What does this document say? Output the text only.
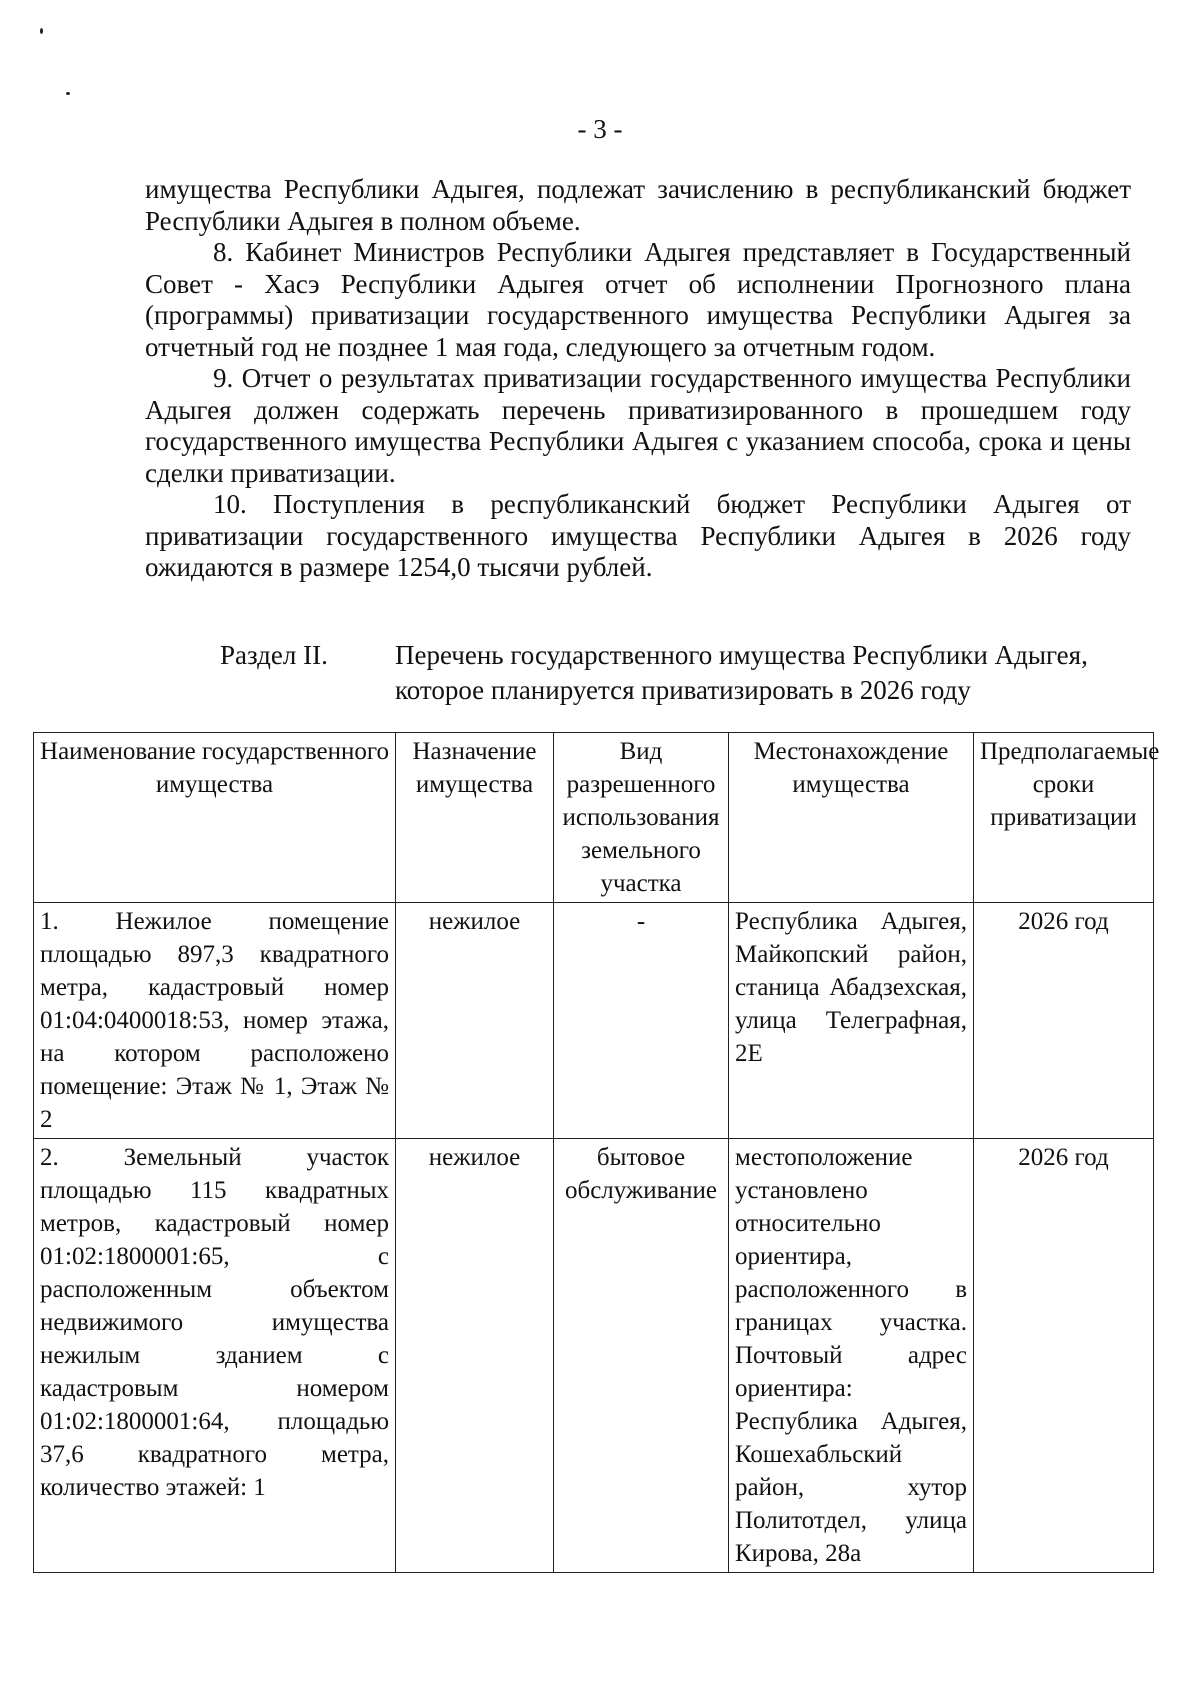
- 3 -

имущества Республики Адыгея, подлежат зачислению в республиканский бюджет Республики Адыгея в полном объеме.

8. Кабинет Министров Республики Адыгея представляет в Государственный Совет - Хасэ Республики Адыгея отчет об исполнении Прогнозного плана (программы) приватизации государственного имущества Республики Адыгея за отчетный год не позднее 1 мая года, следующего за отчетным годом.

9. Отчет о результатах приватизации государственного имущества Республики Адыгея должен содержать перечень приватизированного в прошедшем году государственного имущества Республики Адыгея с указанием способа, срока и цены сделки приватизации.

10. Поступления в республиканский бюджет Республики Адыгея от приватизации государственного имущества Республики Адыгея в 2026 году ожидаются в размере 1254,0 тысячи рублей.

Раздел II. Перечень государственного имущества Республики Адыгея,
которое планируется приватизировать в 2026 году
Наименование государственного имущества	Назначение имущества	Вид разрешенного использования земельного участка	Местонахождение имущества	Предполагаемые сроки приватизации
1. Нежилое помещение площадью 897,3 квадратного метра, кадастровый номер 01:04:0400018:53, номер этажа, на котором расположено помещение: Этаж № 1, Этаж № 2	нежилое	-	Республика Адыгея, Майкопский район, станица Абадзехская, улица Телеграфная, 2Е	2026 год
2. Земельный участок площадью 115 квадратных метров, кадастровый номер 01:02:1800001:65, с расположенным объектом недвижимого имущества нежилым зданием с кадастровым номером 01:02:1800001:64, площадью 37,6 квадратного метра, количество этажей: 1	нежилое	бытовое обслуживание	местоположение установлено относительно ориентира, расположенного в границах участка. Почтовый адрес ориентира: Республика Адыгея, Кошехабльский район, хутор Политотдел, улица Кирова, 28а	2026 год
